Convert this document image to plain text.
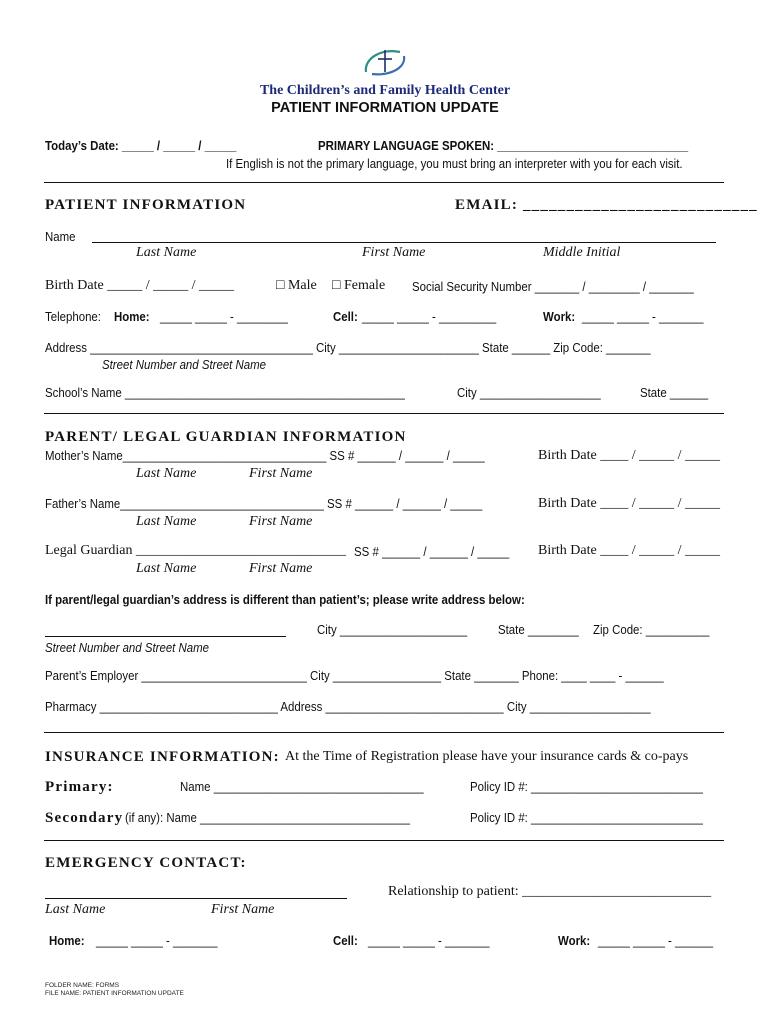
The Children’s and Family Health Center
PATIENT INFORMATION UPDATE
Today’s Date: _____ / _____ / _____	PRIMARY LANGUAGE SPOKEN: ______________________________
If English is not the primary language, you must bring an interpreter with you for each visit.
PATIENT INFORMATION	EMAIL: ___________________________
Name
Last Name	First Name	Middle Initial
Birth Date _____ / _____ / _____	□ Male □ Female Social Security Number _______ / ________ / _______
Telephone: Home: _____ _____ - ________	Cell: _____ _____ - _________	Work: _____ _____ - _______
Address ___________________________________ City ______________________ State ______ Zip Code: _______
Street Number and Street Name
School’s Name ____________________________________________	City ___________________	State ______
PARENT/ LEGAL GUARDIAN INFORMATION
Mother’s Name________________________________ SS # ______ / ______ / _____	Birth Date ____ / _____ / _____
Last Name	First Name
Father’s Name________________________________ SS # ______ / ______ / _____	Birth Date ____ / _____ / _____
Last Name	First Name
Legal Guardian ______________________________ SS # ______ / ______ / _____ Birth Date ____ / _____ / _____
Last Name	First Name
If parent/legal guardian’s address is different than patient’s; please write address below:
City ____________________ State ________ Zip Code: __________
Street Number and Street Name
Parent’s Employer __________________________ City _________________ State _______ Phone: ____ ____ - ______
Pharmacy ____________________________ Address ____________________________ City ___________________
INSURANCE INFORMATION: At the Time of Registration please have your insurance cards & co-pays
Primary:	Name _________________________________	Policy ID #: ___________________________
Secondary (if any): Name _________________________________	Policy ID #: ___________________________
EMERGENCY CONTACT:
Relationship to patient: ___________________________
Last Name	First Name
Home: _____ _____ - _______	Cell: _____ _____ - _______	Work: _____ _____ - ______
FOLDER NAME: FORMS
FILE NAME: PATIENT INFORMATION UPDATE
